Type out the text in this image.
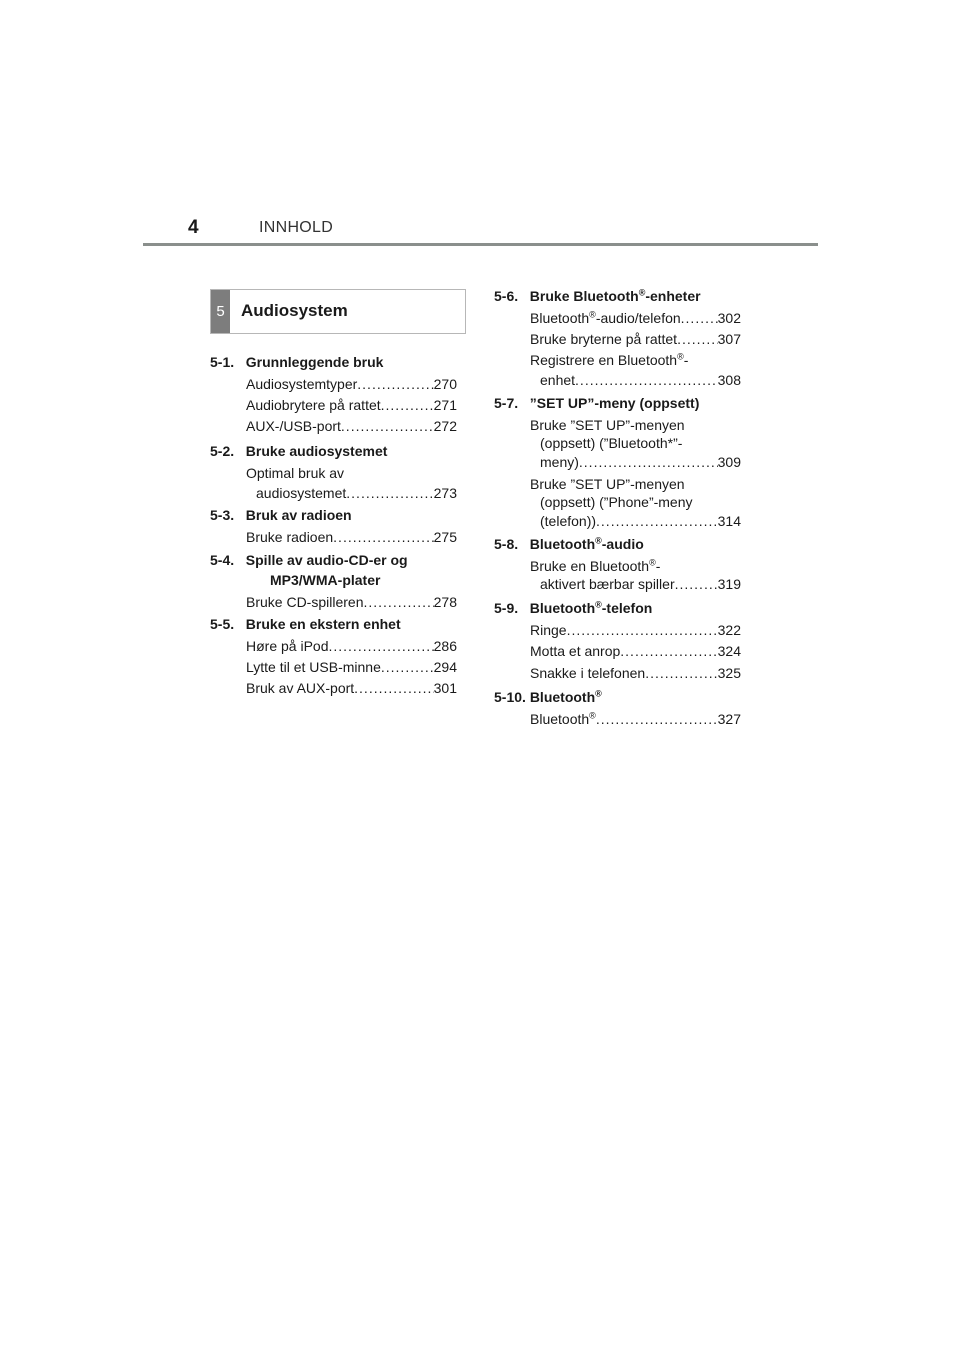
4	INNHOLD
5 Audiosystem
5-1. Grunnleggende bruk
Audiosystemtyper .....	270
Audiobrytere på rattet .....	271
AUX-/USB-port .....	272
5-2. Bruke audiosystemet
Optimal bruk av
audiosystemet .....	273
5-3. Bruk av radioen
Bruke radioen .....	275
5-4. Spille av audio-CD-er og
MP3/WMA-plater
Bruke CD-spilleren .....	278
5-5. Bruke en ekstern enhet
Høre på iPod .....	286
Lytte til et USB-minne .....	294
Bruk av AUX-port .....	301
5-6. Bruke Bluetooth®-enheter
Bluetooth®-audio/telefon .....	302
Bruke bryterne på rattet .....	307
Registrere en Bluetooth®-
enhet .....	308
5-7. ”SET UP”-meny (oppsett)
Bruke ”SET UP”-menyen
(oppsett) (”Bluetooth*”-
meny) .....	309
Bruke ”SET UP”-menyen
(oppsett) (”Phone”-meny
(telefon)) .....	314
5-8. Bluetooth®-audio
Bruke en Bluetooth®-
aktivert bærbar spiller .....	319
5-9. Bluetooth®-telefon
Ringe .....	322
Motta et anrop .....	324
Snakke i telefonen .....	325
5-10. Bluetooth®
Bluetooth® .....	327
